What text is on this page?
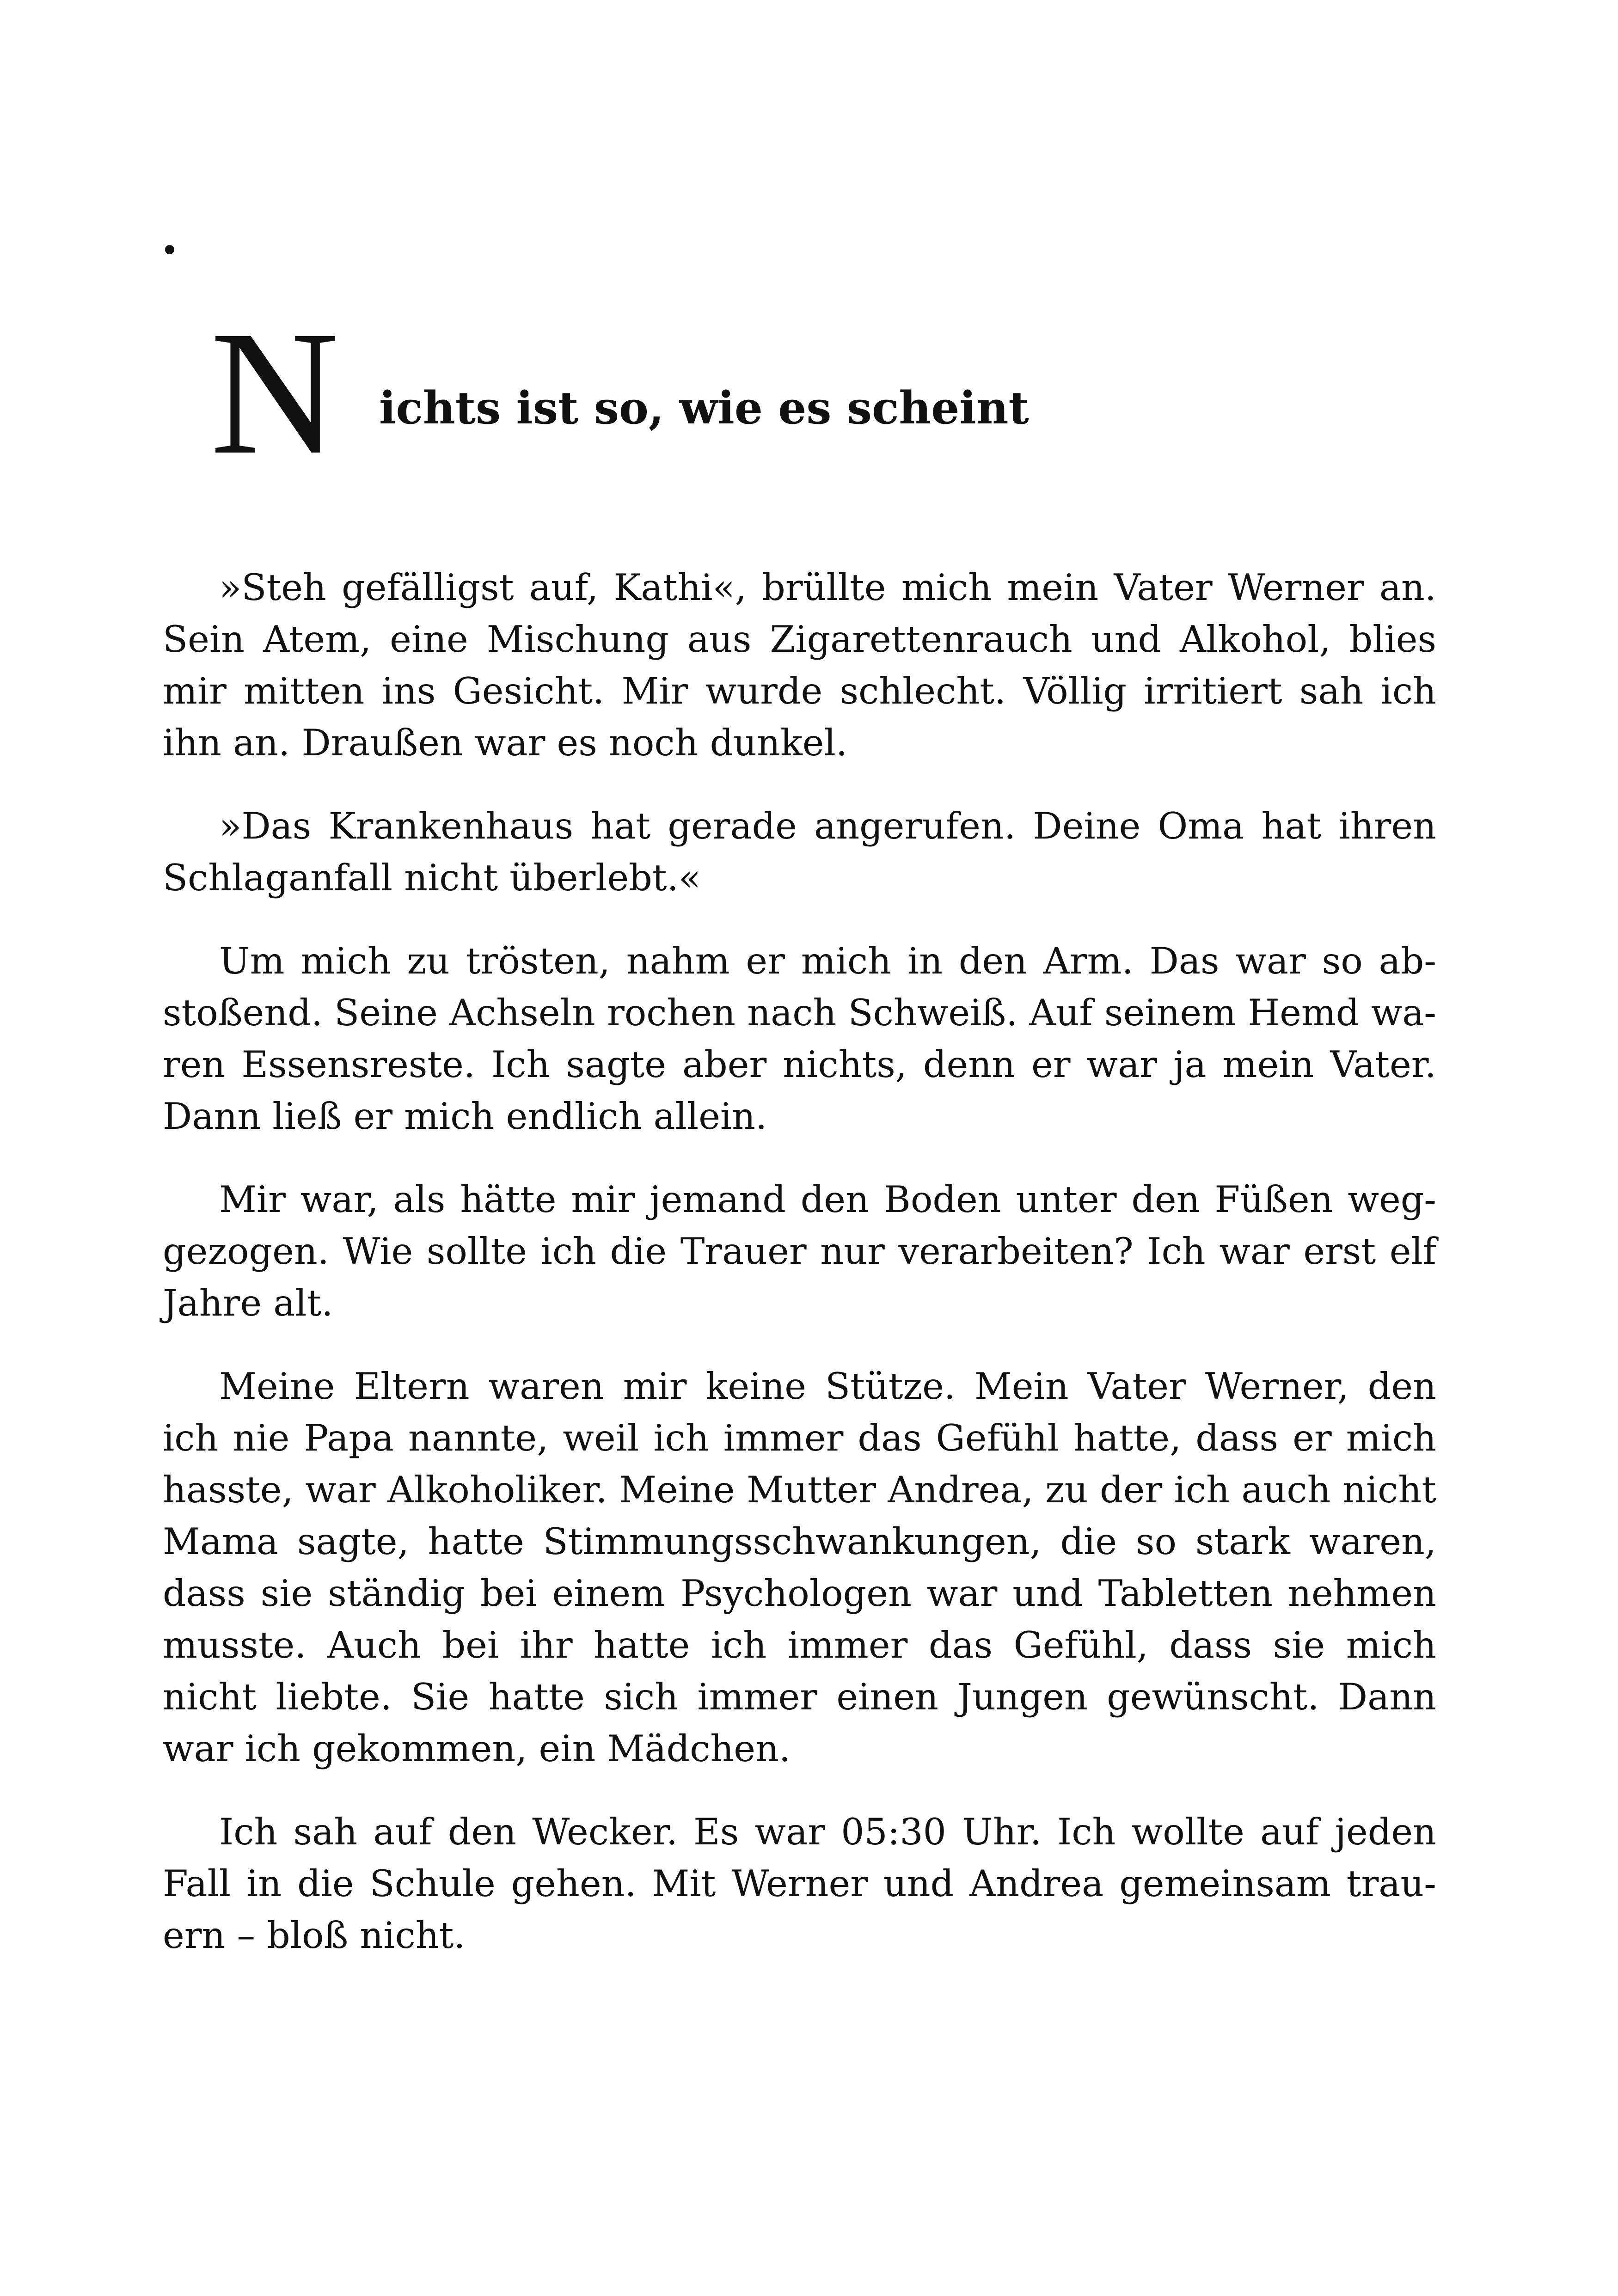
N ichts ist so, wie es scheint

»Steh gefälligst auf, Kathi«, brüllte mich mein Vater Werner an. Sein Atem, eine Mischung aus Zigarettenrauch und Alkohol, blies mir mitten ins Gesicht. Mir wurde schlecht. Völlig irritiert sah ich ihn an. Draußen war es noch dunkel.

»Das Krankenhaus hat gerade angerufen. Deine Oma hat ihren Schlaganfall nicht überlebt.«

Um mich zu trösten, nahm er mich in den Arm. Das war so abstoßend. Seine Achseln rochen nach Schweiß. Auf seinem Hemd waren Essensreste. Ich sagte aber nichts, denn er war ja mein Vater. Dann ließ er mich endlich allein.

Mir war, als hätte mir jemand den Boden unter den Füßen weggezogen. Wie sollte ich die Trauer nur verarbeiten? Ich war erst elf Jahre alt.

Meine Eltern waren mir keine Stütze. Mein Vater Werner, den ich nie Papa nannte, weil ich immer das Gefühl hatte, dass er mich hasste, war Alkoholiker. Meine Mutter Andrea, zu der ich auch nicht Mama sagte, hatte Stimmungsschwankungen, die so stark waren, dass sie ständig bei einem Psychologen war und Tabletten nehmen musste. Auch bei ihr hatte ich immer das Gefühl, dass sie mich nicht liebte. Sie hatte sich immer einen Jungen gewünscht. Dann war ich gekommen, ein Mädchen.

Ich sah auf den Wecker. Es war 05:30 Uhr. Ich wollte auf jeden Fall in die Schule gehen. Mit Werner und Andrea gemeinsam trauern – bloß nicht.
